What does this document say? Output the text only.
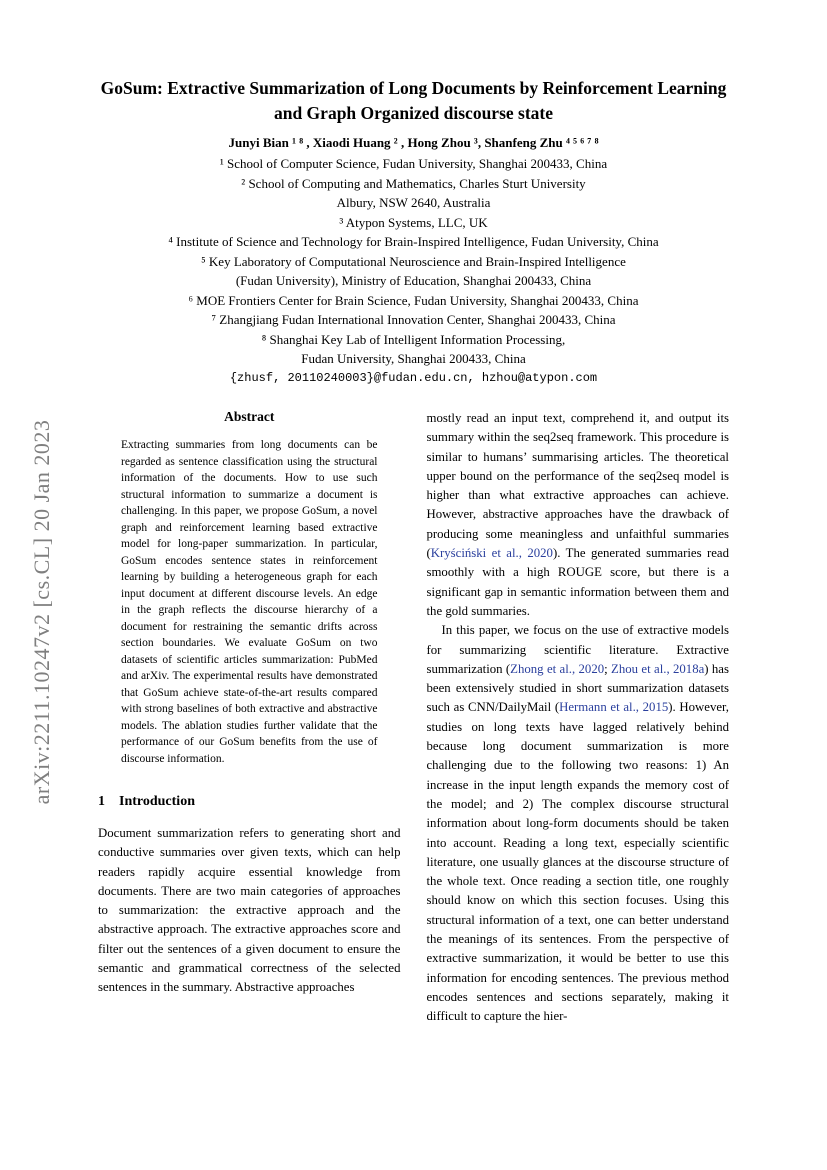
arXiv:2211.10247v2 [cs.CL] 20 Jan 2023
GoSum: Extractive Summarization of Long Documents by Reinforcement Learning and Graph Organized discourse state
Junyi Bian ¹ ⁸ , Xiaodi Huang ² , Hong Zhou ³, Shanfeng Zhu ⁴ ⁵ ⁶ ⁷ ⁸
¹ School of Computer Science, Fudan University, Shanghai 200433, China
² School of Computing and Mathematics, Charles Sturt University
Albury, NSW 2640, Australia
³ Atypon Systems, LLC, UK
⁴ Institute of Science and Technology for Brain-Inspired Intelligence, Fudan University, China
⁵ Key Laboratory of Computational Neuroscience and Brain-Inspired Intelligence
(Fudan University), Ministry of Education, Shanghai 200433, China
⁶ MOE Frontiers Center for Brain Science, Fudan University, Shanghai 200433, China
⁷ Zhangjiang Fudan International Innovation Center, Shanghai 200433, China
⁸ Shanghai Key Lab of Intelligent Information Processing,
Fudan University, Shanghai 200433, China
{zhusf, 20110240003}@fudan.edu.cn, hzhou@atypon.com
Abstract

Extracting summaries from long documents can be regarded as sentence classification using the structural information of the documents. How to use such structural information to summarize a document is challenging. In this paper, we propose GoSum, a novel graph and reinforcement learning based extractive model for long-paper summarization. In particular, GoSum encodes sentence states in reinforcement learning by building a heterogeneous graph for each input document at different discourse levels. An edge in the graph reflects the discourse hierarchy of a document for restraining the semantic drifts across section boundaries. We evaluate GoSum on two datasets of scientific articles summarization: PubMed and arXiv. The experimental results have demonstrated that GoSum achieve state-of-the-art results compared with strong baselines of both extractive and abstractive models. The ablation studies further validate that the performance of our GoSum benefits from the use of discourse information.

1 Introduction

Document summarization refers to generating short and conductive summaries over given texts, which can help readers rapidly acquire essential knowledge from documents. There are two main categories of approaches to summarization: the extractive approach and the abstractive approach. The extractive approaches score and filter out the sentences of a given document to ensure the semantic and grammatical correctness of the selected sentences in the summary. Abstractive approaches

mostly read an input text, comprehend it, and output its summary within the seq2seq framework. This procedure is similar to humans’ summarising articles. The theoretical upper bound on the performance of the seq2seq model is higher than what extractive approaches can achieve. However, abstractive approaches have the drawback of producing some meaningless and unfaithful summaries (Kryściński et al., 2020). The generated summaries read smoothly with a high ROUGE score, but there is a significant gap in semantic information between them and the gold summaries.

In this paper, we focus on the use of extractive models for summarizing scientific literature. Extractive summarization (Zhong et al., 2020; Zhou et al., 2018a) has been extensively studied in short summarization datasets such as CNN/DailyMail (Hermann et al., 2015). However, studies on long texts have lagged relatively behind because long document summarization is more challenging due to the following two reasons: 1) An increase in the input length expands the memory cost of the model; and 2) The complex discourse structural information about long-form documents should be taken into account. Reading a long text, especially scientific literature, one usually glances at the discourse structure of the whole text. Once reading a section title, one roughly should know on which this section focuses. Using this structural information of a text, one can better understand the meanings of its sentences. From the perspective of extractive summarization, it would be better to use this information for encoding sentences. The previous method encodes sentences and sections separately, making it difficult to capture the hier-
